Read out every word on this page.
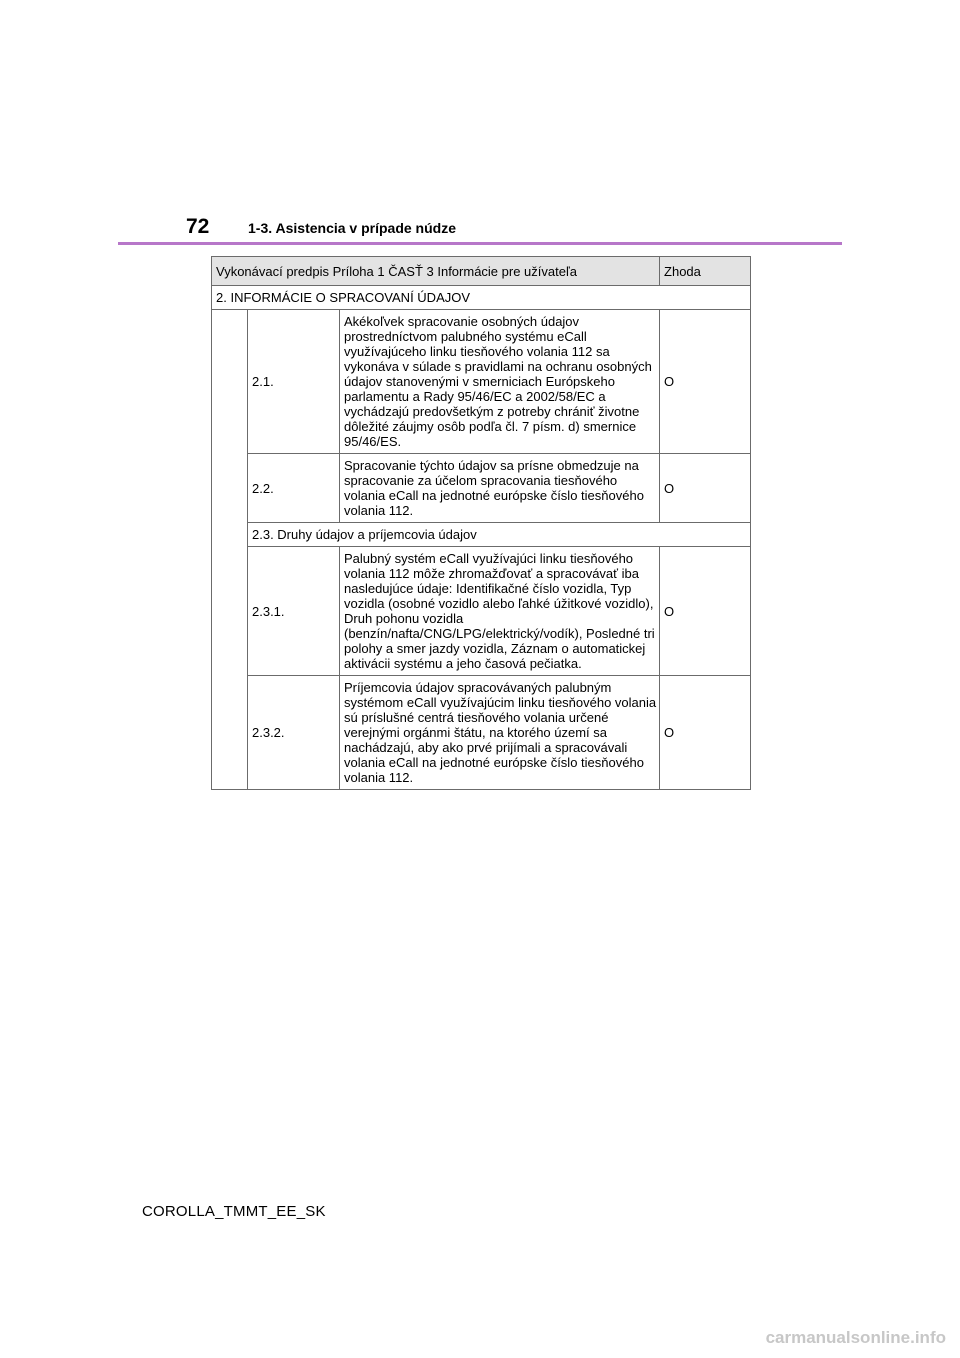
72	1-3. Asistencia v prípade núdze
Vykonávací predpis Príloha 1 ČASŤ 3 Informácie pre užívateľa			Zhoda
2. INFORMÁCIE O SPRACOVANÍ ÚDAJOV			
	2.1.	Akékoľvek spracovanie osobných údajov prostredníctvom palubného systému eCall využívajúceho linku tiesňového volania 112 sa vykonáva v súlade s pravidlami na ochranu osobných údajov stanovenými v smerniciach Európskeho parlamentu a Rady 95/46/EC a 2002/58/EC a vychádzajú predovšetkým z potreby chrániť životne dôležité záujmy osôb podľa čl. 7 písm. d) smernice 95/46/ES.	O
	2.2.	Spracovanie týchto údajov sa prísne obmedzuje na spracovanie za účelom spracovania tiesňového volania eCall na jednotné európske číslo tiesňového volania 112.	O
	2.3. Druhy údajov a príjemcovia údajov		
	2.3.1.	Palubný systém eCall využívajúci linku tiesňového volania 112 môže zhromažďovať a spracovávať iba nasledujúce údaje: Identifikačné číslo vozidla, Typ vozidla (osobné vozidlo alebo ľahké úžitkové vozidlo), Druh pohonu vozidla (benzín/nafta/CNG/LPG/elektrický/vodík), Posledné tri polohy a smer jazdy vozidla, Záznam o automatickej aktivácii systému a jeho časová pečiatka.	O
	2.3.2.	Príjemcovia údajov spracovávaných palubným systémom eCall využívajúcim linku tiesňového volania sú príslušné centrá tiesňového volania určené verejnými orgánmi štátu, na ktorého území sa nachádzajú, aby ako prvé prijímali a spracovávali volania eCall na jednotné európske číslo tiesňového volania 112.	O
COROLLA_TMMT_EE_SK
carmanualsonline.info
